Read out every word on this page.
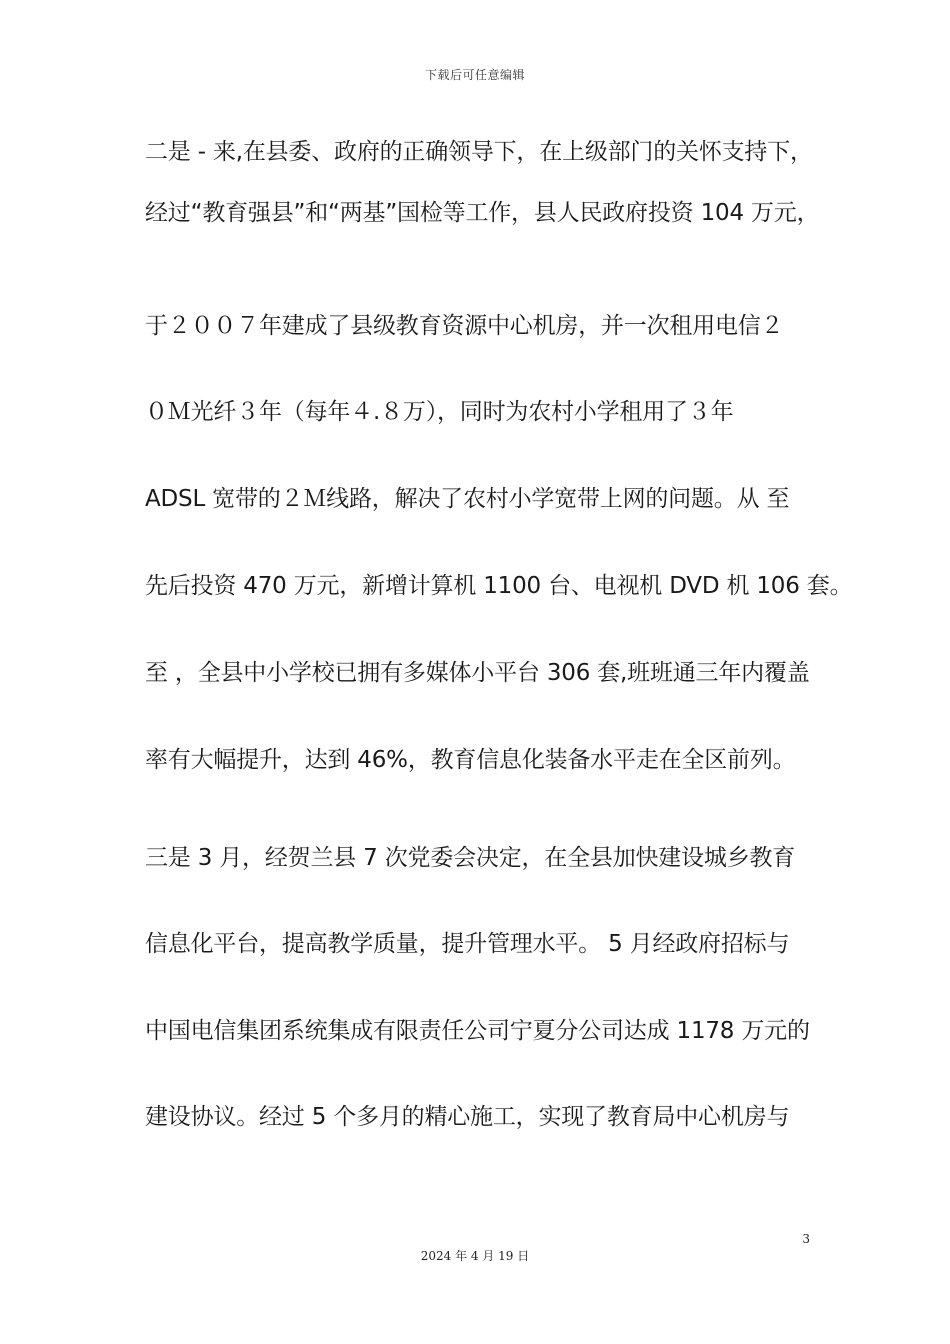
下载后可任意编辑
二是 - 来,在县委、政府的正确领导下，在上级部门的关怀支持下，
经过“教育强县”和“两基”国检等工作，县人民政府投资 104 万元，
于２００７年建成了县级教育资源中心机房，并一次租用电信２
０Ｍ光纤３年（每年４.８万），同时为农村小学租用了３年
ADSL 宽带的２Ｍ线路，解决了农村小学宽带上网的问题。从 至
先后投资 470 万元，新增计算机 1100 台、电视机 DVD 机 106 套。
至 ，全县中小学校已拥有多媒体小平台 306 套,班班通三年内覆盖
率有大幅提升，达到 46%，教育信息化装备水平走在全区前列。
三是 3 月，经贺兰县 7 次党委会决定，在全县加快建设城乡教育
信息化平台，提高教学质量，提升管理水平。 5 月经政府招标与
中国电信集团系统集成有限责任公司宁夏分公司达成 1178 万元的
建设协议。经过 5 个多月的精心施工，实现了教育局中心机房与
3
2024 年 4 月 19 日
